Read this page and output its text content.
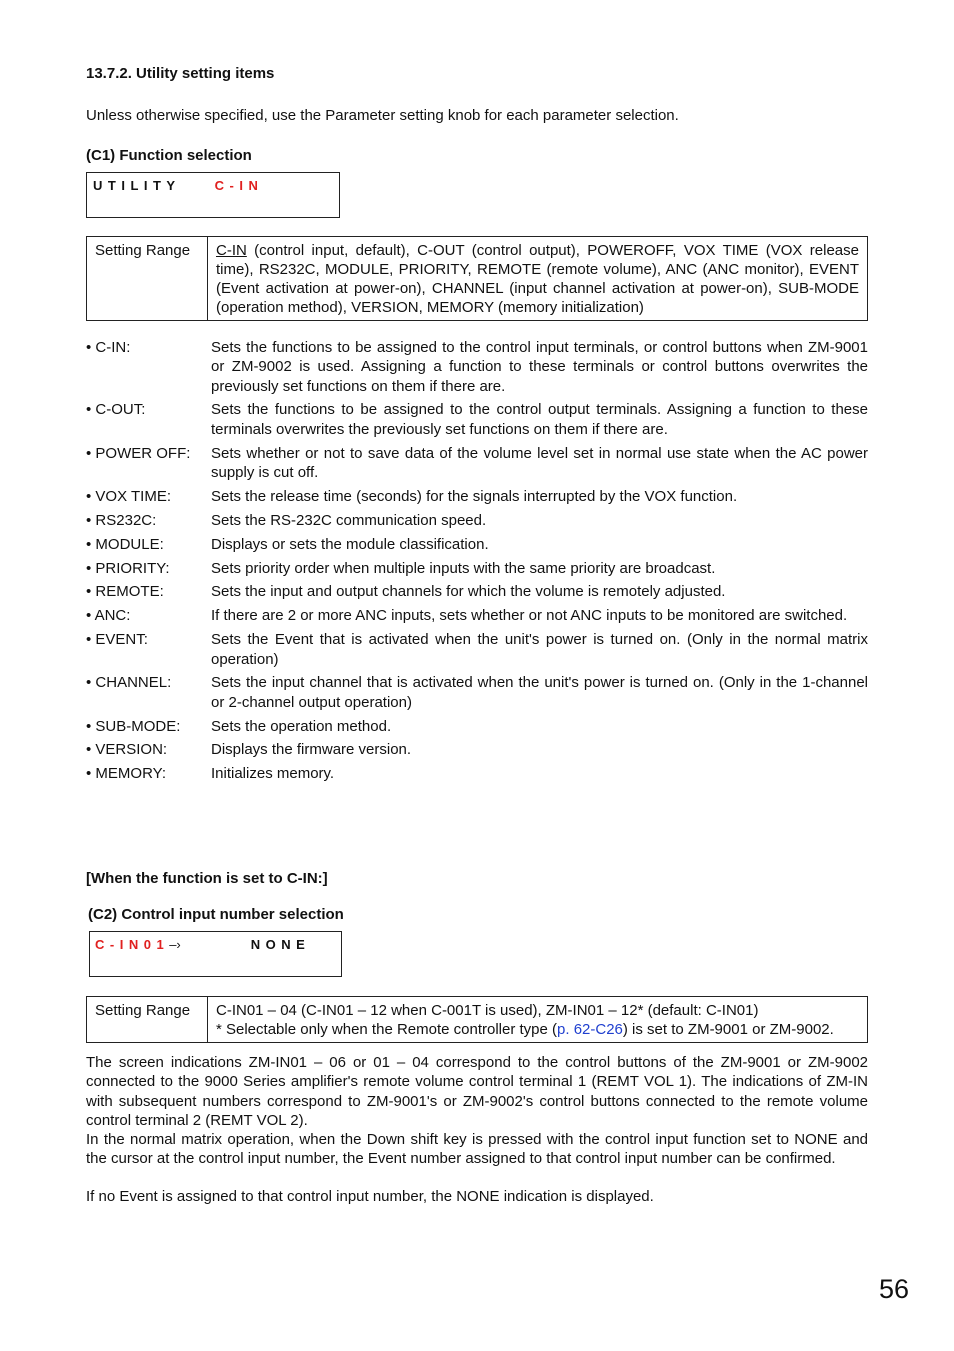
13.7.2. Utility setting items
Unless otherwise specified, use the Parameter setting knob for each parameter selection.
(C1) Function selection
UTILITY	C-IN
Setting Range	C-IN (control input, default), C-OUT (control output), POWEROFF, VOX TIME (VOX release time), RS232C, MODULE, PRIORITY, REMOTE (remote volume), ANC (ANC monitor), EVENT (Event activation at power-on), CHANNEL (input channel activation at power-on), SUB-MODE (operation method), VERSION, MEMORY (memory initialization)
• C-IN:	Sets the functions to be assigned to the control input terminals, or control buttons when ZM-9001 or ZM-9002 is used. Assigning a function to these terminals or control buttons overwrites the previously set functions on them if there are.
• C-OUT:	Sets the functions to be assigned to the control output terminals. Assigning a function to these terminals overwrites the previously set functions on them if there are.
• POWER OFF:	Sets whether or not to save data of the volume level set in normal use state when the AC power supply is cut off.
• VOX TIME:	Sets the release time (seconds) for the signals interrupted by the VOX function.
• RS232C:	Sets the RS-232C communication speed.
• MODULE:	Displays or sets the module classification.
• PRIORITY:	Sets priority order when multiple inputs with the same priority are broadcast.
• REMOTE:	Sets the input and output channels for which the volume is remotely adjusted.
• ANC:	If there are 2 or more ANC inputs, sets whether or not ANC inputs to be monitored are switched.
• EVENT:	Sets the Event that is activated when the unit's power is turned on. (Only in the normal matrix operation)
• CHANNEL:	Sets the input channel that is activated when the unit's power is turned on. (Only in the 1-channel or 2-channel output operation)
• SUB-MODE:	Sets the operation method.
• VERSION:	Displays the firmware version.
• MEMORY:	Initializes memory.
[When the function is set to C-IN:]
(C2) Control input number selection
C-IN01–›	NONE
Setting Range	C-IN01 – 04 (C-IN01 – 12 when C-001T is used), ZM-IN01 – 12* (default: C-IN01)
* Selectable only when the Remote controller type (p. 62-C26) is set to ZM-9001 or ZM-9002.
The screen indications ZM-IN01 – 06 or 01 – 04 correspond to the control buttons of the ZM-9001 or ZM-9002 connected to the 9000 Series amplifier's remote volume control terminal 1 (REMT VOL 1). The indications of ZM-IN with subsequent numbers correspond to ZM-9001's or ZM-9002's control buttons connected to the remote volume control terminal 2 (REMT VOL 2).
In the normal matrix operation, when the Down shift key is pressed with the control input function set to NONE and the cursor at the control input number, the Event number assigned to that control input number can be confirmed.
If no Event is assigned to that control input number, the NONE indication is displayed.
56
